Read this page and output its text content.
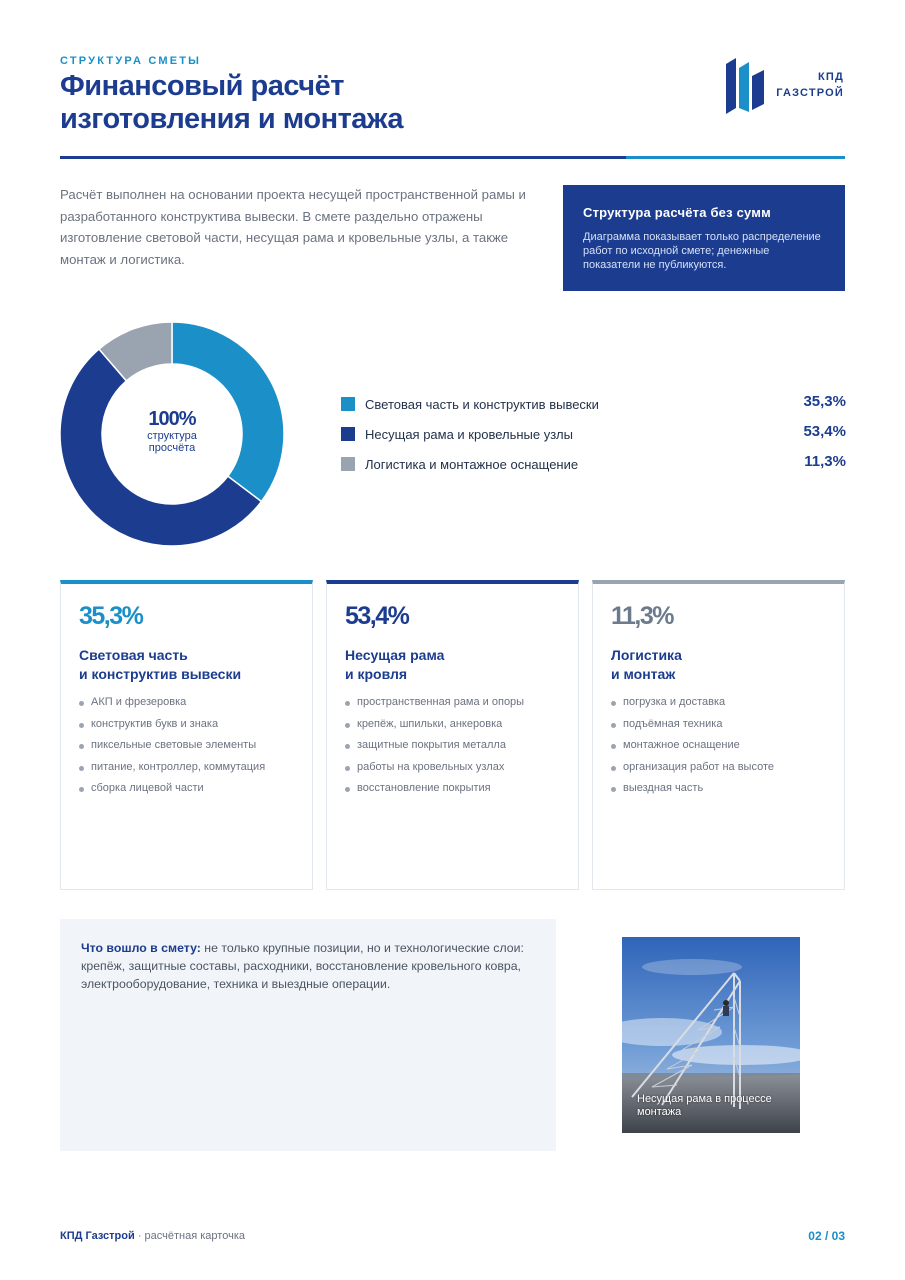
СТРУКТУРА СМЕТЫ
Финансовый расчёт
изготовления и монтажа
КПД
ГАЗСТРОЙ
Расчёт выполнен на основании проекта несущей пространственной рамы и разработанного конструктива вывески. В смете раздельно отражены изготовление световой части, несущая рама и кровельные узлы, а также монтаж и логистика.
Структура расчёта без сумм
Диаграмма показывает только распределение работ по исходной смете; денежные показатели не публикуются.
100%
структура
просчёта
Световая часть и конструктив вывески	35,3%
Несущая рама и кровельные узлы	53,4%
Логистика и монтажное оснащение	11,3%
35,3%
Световая часть
и конструктив вывески
АКП и фрезеровка
конструктив букв и знака
пиксельные световые элементы
питание, контроллер, коммутация
сборка лицевой части
53,4%
Несущая рама
и кровля
пространственная рама и опоры
крепёж, шпильки, анкеровка
защитные покрытия металла
работы на кровельных узлах
восстановление покрытия
11,3%
Логистика
и монтаж
погрузка и доставка
подъёмная техника
монтажное оснащение
организация работ на высоте
выездная часть

Что вошло в смету: не только крупные позиции, но и технологические слои: крепёж, защитные составы, расходники, восстановление кровельного ковра, электрооборудование, техника и выездные операции.

Несущая рама в процессе монтажа
КПД Газстрой · расчётная карточка	02 / 03
